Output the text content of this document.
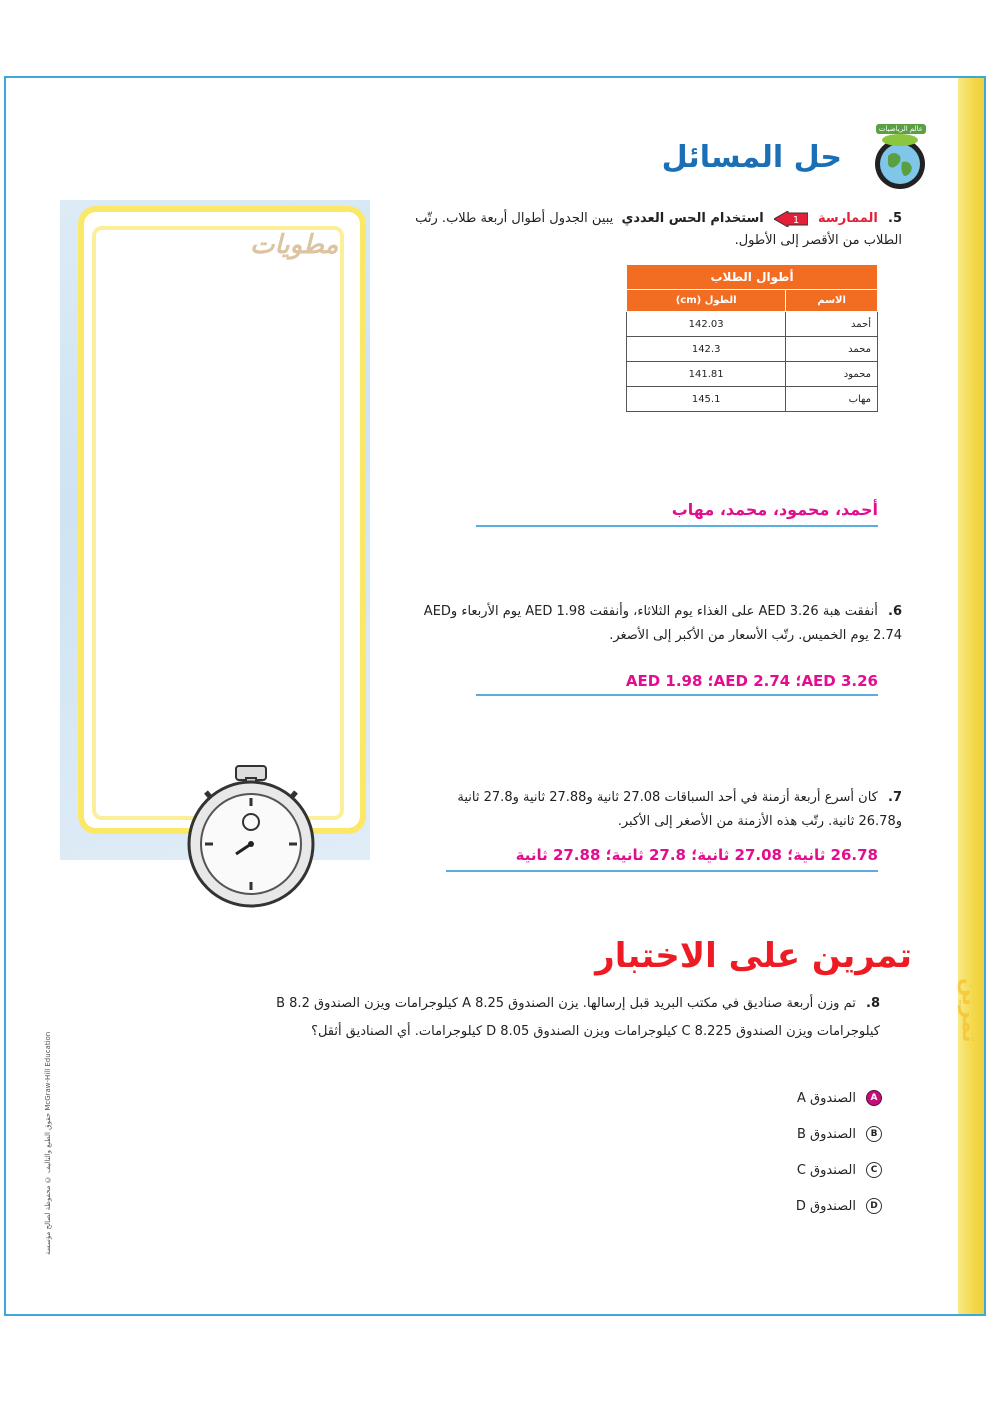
تمرين
حقوق الطبع والتأليف © محفوظة لصالح مؤسسة McGraw-Hill Education
مطويات
حل المسائل
5. الممارسة
1
استخدام الحس العددي يبين الجدول أطوال أربعة طلاب. رتّب الطلاب من الأقصر إلى الأطول.
أطوال الطلاب	
الاسم	الطول (cm)
أحمد	142.03
محمد	142.3
محمود	141.81
مهاب	145.1
أحمد، محمود، محمد، مهاب
6. أنفقت هبة AED 3.26 على الغذاء يوم الثلاثاء، وأنفقت AED 1.98 يوم الأربعاء وAED 2.74 يوم الخميس. رتّب الأسعار من الأكبر إلى الأصغر.
AED 3.26؛ AED 2.74؛ AED 1.98
7. كان أسرع أربعة أزمنة في أحد السباقات 27.08 ثانية و27.88 ثانية و27.8 ثانية و26.78 ثانية. رتّب هذه الأزمنة من الأصغر إلى الأكبر.
26.78 ثانية؛ 27.08 ثانية؛ 27.8 ثانية؛ 27.88 ثانية
تمرين على الاختبار
8. تم وزن أربعة صناديق في مكتب البريد قبل إرسالها. يزن الصندوق A 8.25 كيلوجرامات ويزن الصندوق B 8.2 كيلوجرامات ويزن الصندوق C 8.225 كيلوجرامات ويزن الصندوق D 8.05 كيلوجرامات. أي الصناديق أثقل؟
A
الصندوق A
B
الصندوق B
C
الصندوق C
D
الصندوق D
عالم الرياضيات
